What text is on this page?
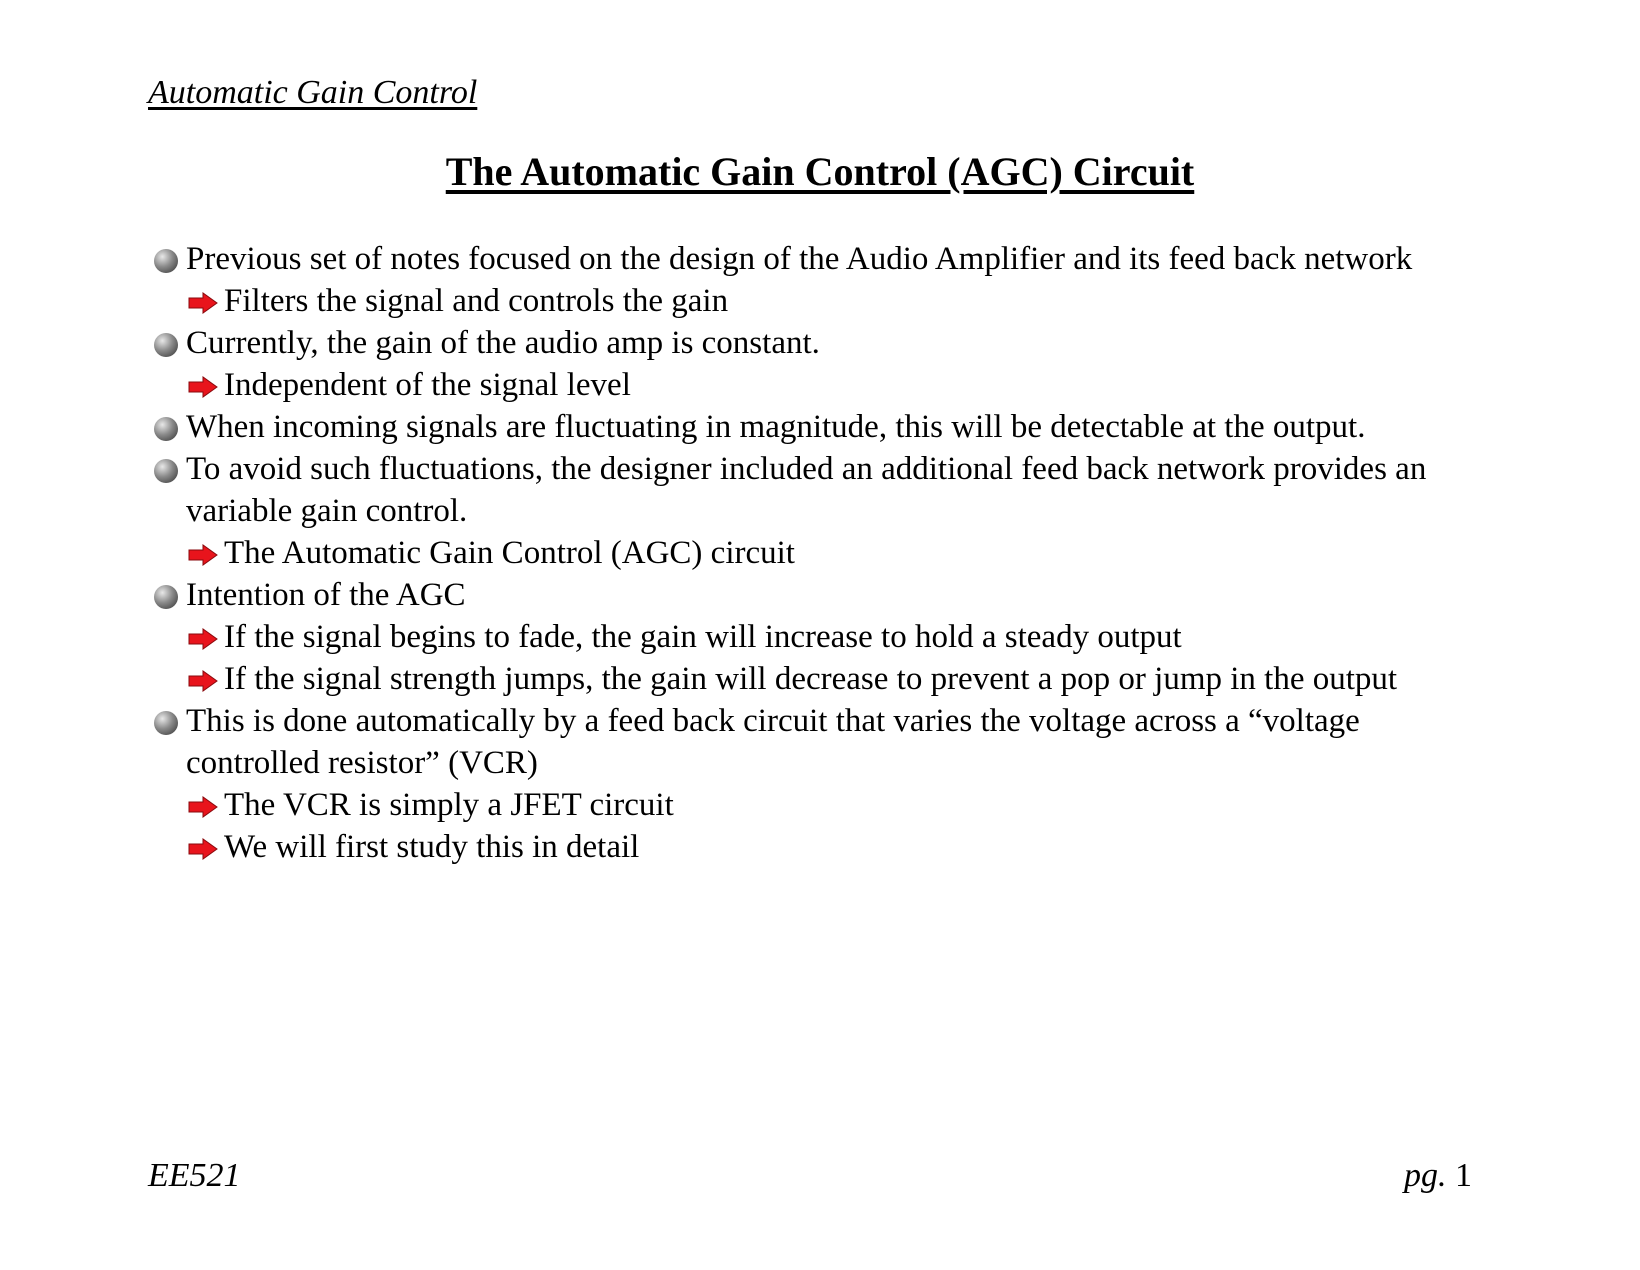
Automatic Gain Control
The Automatic Gain Control (AGC) Circuit
Previous set of notes focused on the design of the Audio Amplifier and its feed back network
Filters the signal and controls the gain
Currently, the gain of the audio amp is constant.
Independent of the signal level
When incoming signals are fluctuating in magnitude, this will be detectable at the output.
To avoid such fluctuations, the designer included an additional feed back network provides an variable gain control.
The Automatic Gain Control (AGC) circuit
Intention of the AGC
If the signal begins to fade, the gain will increase to hold a steady output
If the signal strength jumps, the gain will decrease to prevent a pop or jump in the output
This is done automatically by a feed back circuit that varies the voltage across a “voltage controlled resistor” (VCR)
The VCR is simply a JFET circuit
We will first study this in detail
EE521	pg. 1
